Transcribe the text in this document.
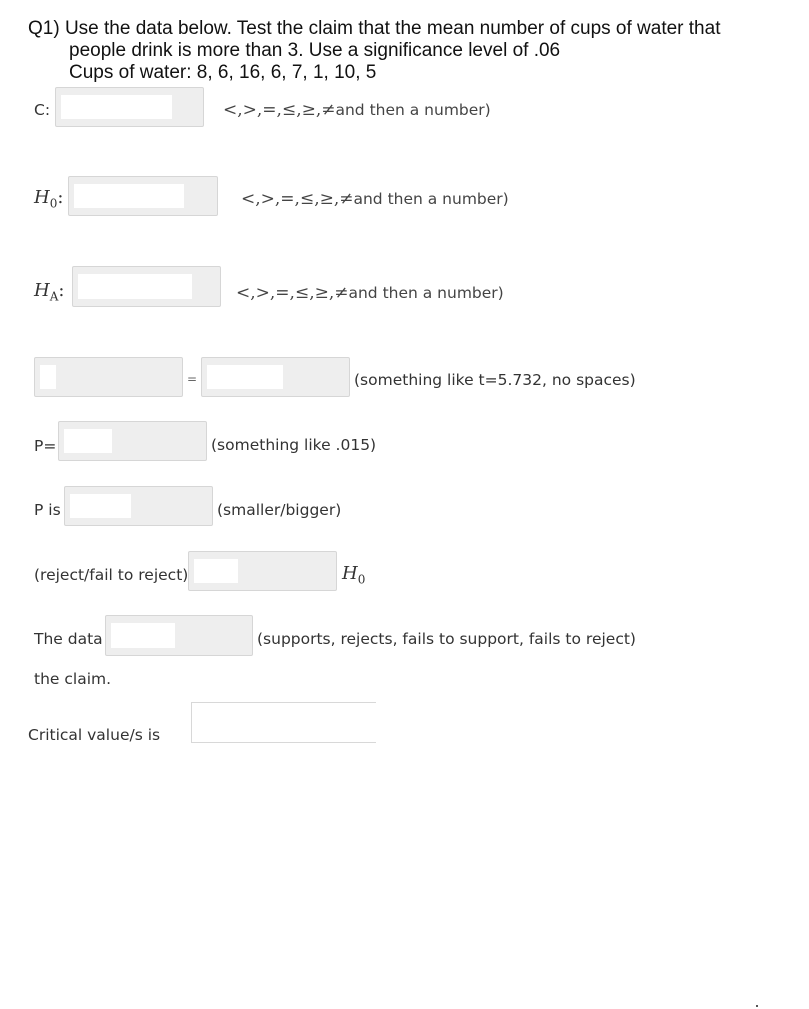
Q1) Use the data below. Test the claim that the mean number of cups of water that
people drink is more than 3. Use a significance level of .06
Cups of water: 8, 6, 16, 6, 7, 1, 10, 5
C:	<,>,=,≤,≥,≠and then a number)
$H_0$:	<,>,=,≤,≥,≠and then a number)
$H_A$:	<,>,=,≤,≥,≠and then a number)
=	(something like t=5.732, no spaces)
P=	(something like .015)
P is	(smaller/bigger)
(reject/fail to reject)	$H_0$
The data	(supports, rejects, fails to support, fails to reject)
the claim.
Critical value/s is
